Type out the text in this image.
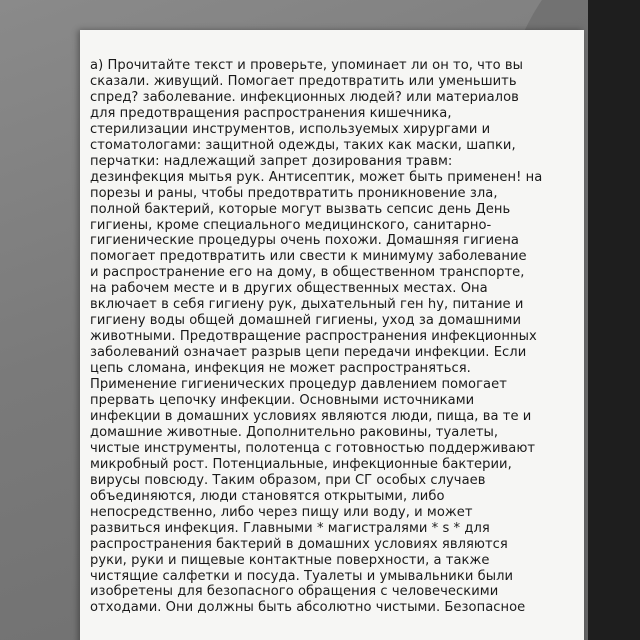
а) Прочитайте текст и проверьте, упоминает ли он то, что вы
сказали. живущий. Помогает предотвратить или уменьшить
спред? заболевание. инфекционных людей? или материалов
для предотвращения распространения кишечника,
стерилизации инструментов, используемых хирургами и
стоматологами: защитной одежды, таких как маски, шапки,
перчатки: надлежащий запрет дозирования травм:
дезинфекция мытья рук. Антисептик, может быть применен! на
порезы и раны, чтобы предотвратить проникновение зла,
полной бактерий, которые могут вызвать сепсис день День
гигиены, кроме специального медицинского, санитарно-
гигиенические процедуры очень похожи. Домашняя гигиена
помогает предотвратить или свести к минимуму заболевание
и распространение его на дому, в общественном транспорте,
на рабочем месте и в других общественных местах. Она
включает в себя гигиену рук, дыхательный ген hy, питание и
гигиену воды общей домашней гигиены, уход за домашними
животными. Предотвращение распространения инфекционных
заболеваний означает разрыв цепи передачи инфекции. Если
цепь сломана, инфекция не может распространяться.
Применение гигиенических процедур давлением помогает
прервать цепочку инфекции. Основными источниками
инфекции в домашних условиях являются люди, пища, ва те и
домашние животные. Дополнительно раковины, туалеты,
чистые инструменты, полотенца с готовностью поддерживают
микробный рост. Потенциальные, инфекционные бактерии,
вирусы повсюду. Таким образом, при СГ особых случаев
объединяются, люди становятся открытыми, либо
непосредственно, либо через пищу или воду, и может
развиться инфекция. Главными * магистралями * s * для
распространения бактерий в домашних условиях являются
руки, руки и пищевые контактные поверхности, а также
чистящие салфетки и посуда. Туалеты и умывальники были
изобретены для безопасного обращения с человеческими
отходами. Они должны быть абсолютно чистыми. Безопасное
